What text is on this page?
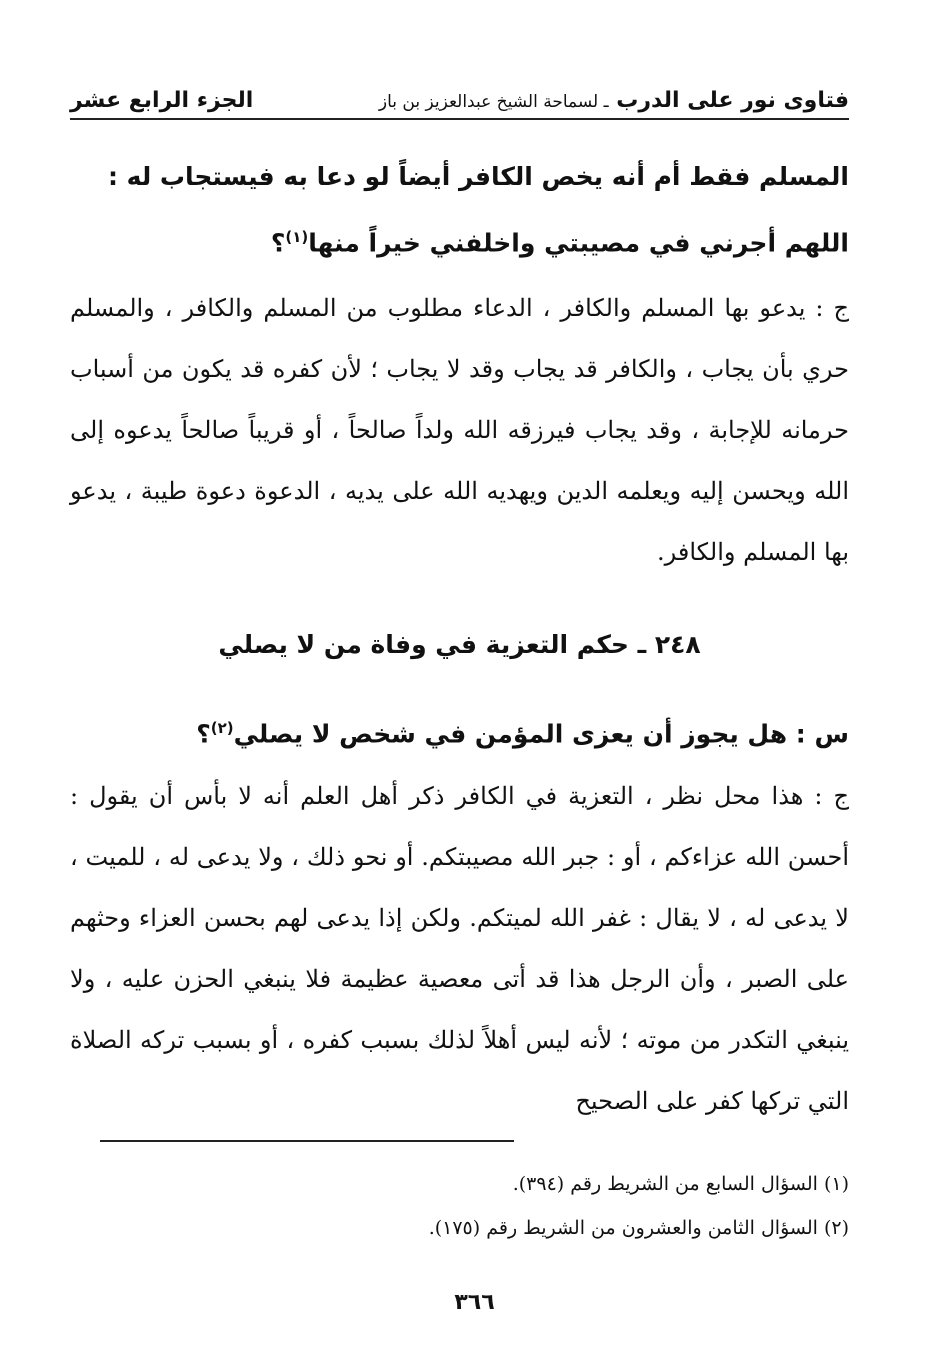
فتاوى نور على الدرب ـ لسماحة الشيخ عبدالعزيز بن باز
الجزء الرابع عشر
المسلم فقط أم أنه يخص الكافر أيضاً لو دعا به فيستجاب له : اللهم أجرني في مصيبتي واخلفني خيراً منها$^{(١)}$؟
ج : يدعو بها المسلم والكافر ، الدعاء مطلوب من المسلم والكافر ، والمسلم حري بأن يجاب ، والكافر قد يجاب وقد لا يجاب ؛ لأن كفره قد يكون من أسباب حرمانه للإجابة ، وقد يجاب فيرزقه الله ولداً صالحاً ، أو قريباً صالحاً يدعوه إلى الله ويحسن إليه ويعلمه الدين ويهديه الله على يديه ، الدعوة دعوة طيبة ، يدعو بها المسلم والكافر.
٢٤٨ ـ حكم التعزية في وفاة من لا يصلي
س : هل يجوز أن يعزى المؤمن في شخص لا يصلي$^{(٢)}$؟
ج : هذا محل نظر ، التعزية في الكافر ذكر أهل العلم أنه لا بأس أن يقول : أحسن الله عزاءكم ، أو : جبر الله مصيبتكم. أو نحو ذلك ، ولا يدعى له ، للميت ، لا يدعى له ، لا يقال : غفر الله لميتكم. ولكن إذا يدعى لهم بحسن العزاء وحثهم على الصبر ، وأن الرجل هذا قد أتى معصية عظيمة فلا ينبغي الحزن عليه ، ولا ينبغي التكدر من موته ؛ لأنه ليس أهلاً لذلك بسبب كفره ، أو بسبب تركه الصلاة التي تركها كفر على الصحيح
(١) السؤال السابع من الشريط رقم (٣٩٤).
(٢) السؤال الثامن والعشرون من الشريط رقم (١٧٥).
٣٦٦
